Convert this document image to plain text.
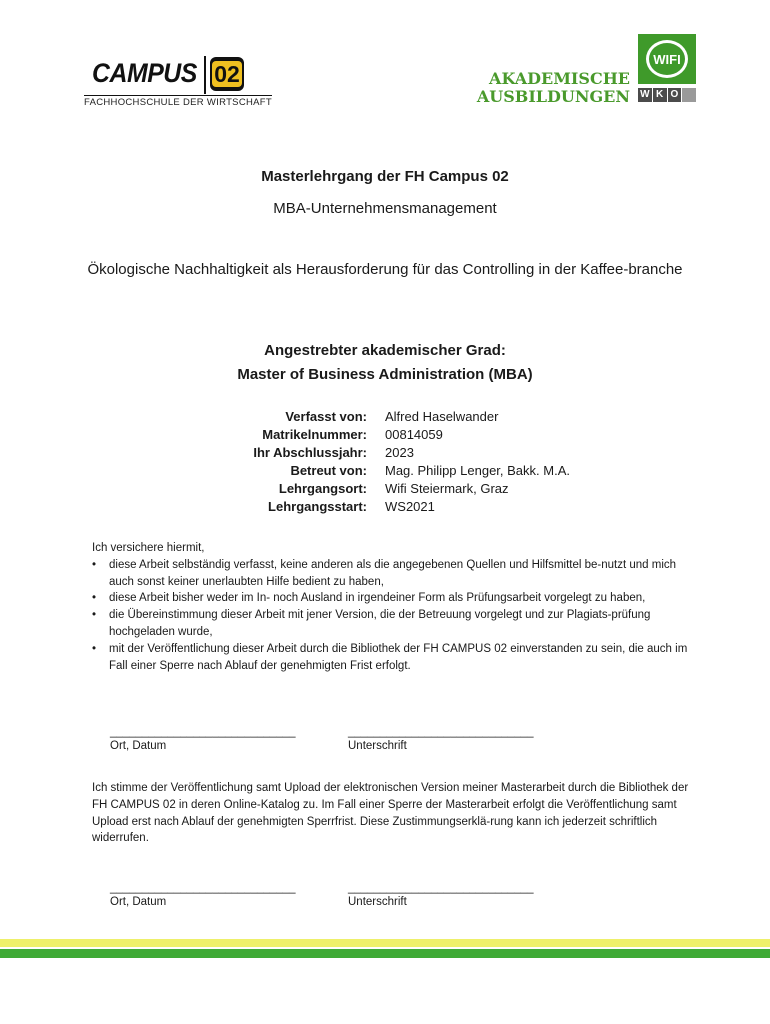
CAMPUS 02
FACHHOCHSCHULE DER WIRTSCHAFT
AKADEMISCHE
AUSBILDUNGEN
WIFI
W K O
Masterlehrgang der FH Campus 02
MBA-Unternehmensmanagement
Ökologische Nachhaltigkeit als Herausforderung für das Controlling in der Kaffee-branche
Angestrebter akademischer Grad:
Master of Business Administration (MBA)
Verfasst von:	Alfred Haselwander
Matrikelnummer:	00814059
Ihr Abschlussjahr:	2023
Betreut von:	Mag. Philipp Lenger, Bakk. M.A.
Lehrgangsort:	Wifi Steiermark, Graz
Lehrgangsstart:	WS2021
Ich versichere hiermit,
• diese Arbeit selbständig verfasst, keine anderen als die angegebenen Quellen und Hilfsmittel be-nutzt und mich auch sonst keiner unerlaubten Hilfe bedient zu haben,
• diese Arbeit bisher weder im In- noch Ausland in irgendeiner Form als Prüfungsarbeit vorgelegt zu haben,
• die Übereinstimmung dieser Arbeit mit jener Version, die der Betreuung vorgelegt und zur Plagiats-prüfung hochgeladen wurde,
• mit der Veröffentlichung dieser Arbeit durch die Bibliothek der FH CAMPUS 02 einverstanden zu sein, die auch im Fall einer Sperre nach Ablauf der genehmigten Frist erfolgt.
_____________________________	_____________________________
Ort, Datum	Unterschrift
Ich stimme der Veröffentlichung samt Upload der elektronischen Version meiner Masterarbeit durch die Bibliothek der FH CAMPUS 02 in deren Online-Katalog zu. Im Fall einer Sperre der Masterarbeit erfolgt die Veröffentlichung samt Upload erst nach Ablauf der genehmigten Sperrfrist. Diese Zustimmungserklä-rung kann ich jederzeit schriftlich widerrufen.
_____________________________	_____________________________
Ort, Datum	Unterschrift
